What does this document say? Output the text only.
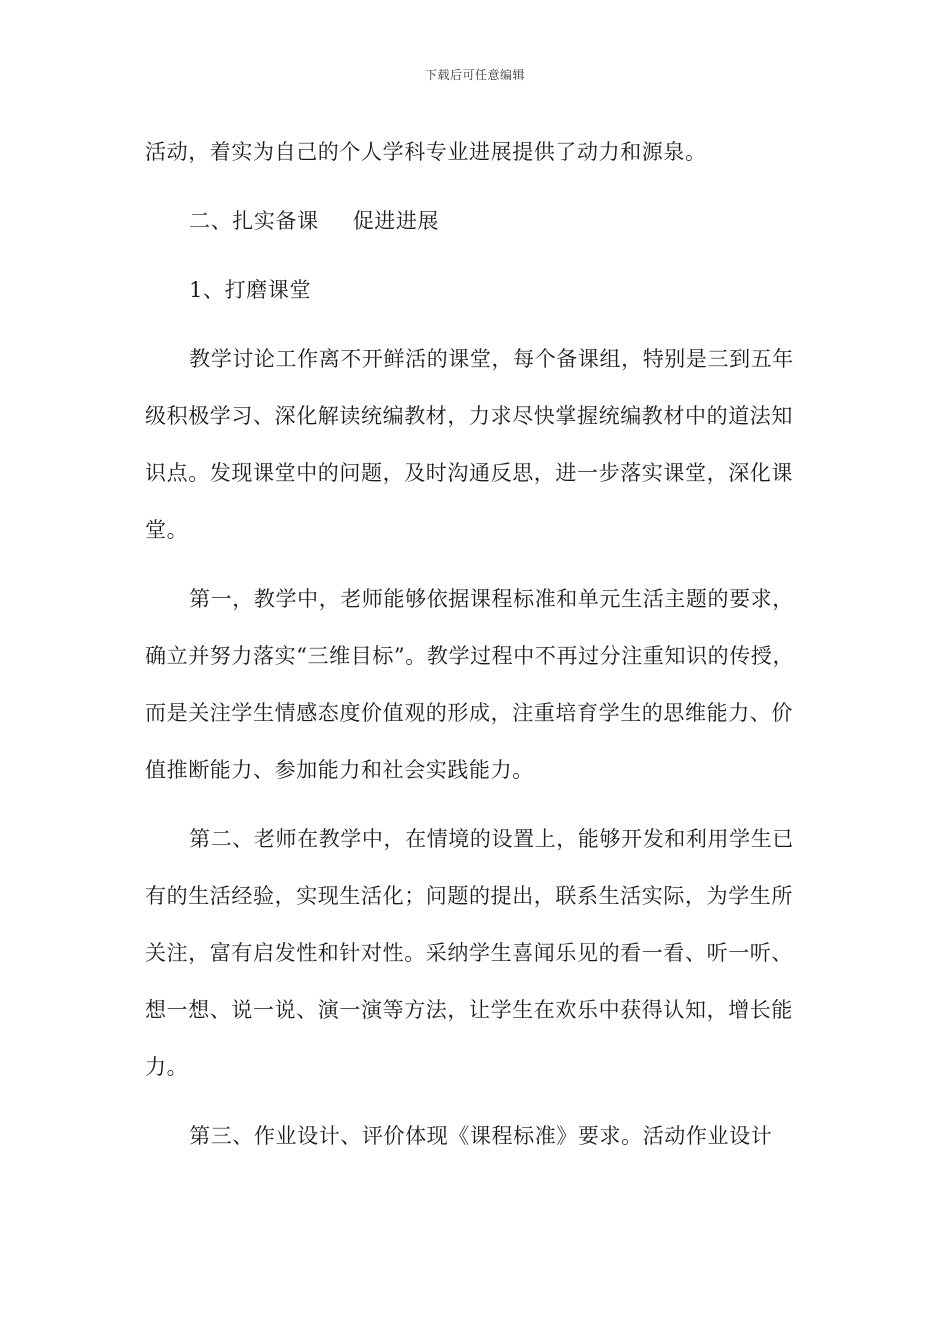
下载后可任意编辑

活动，着实为自己的个人学科专业进展提供了动力和源泉。

二、扎实备课 促进进展

1、打磨课堂

教学讨论工作离不开鲜活的课堂，每个备课组，特别是三到五年级积极学习、深化解读统编教材，力求尽快掌握统编教材中的道法知识点。发现课堂中的问题，及时沟通反思，进一步落实课堂，深化课堂。

第一，教学中，老师能够依据课程标准和单元生活主题的要求，确立并努力落实“三维目标”。教学过程中不再过分注重知识的传授，而是关注学生情感态度价值观的形成，注重培育学生的思维能力、价值推断能力、参加能力和社会实践能力。

第二、老师在教学中，在情境的设置上，能够开发和利用学生已有的生活经验，实现生活化；问题的提出，联系生活实际，为学生所关注，富有启发性和针对性。采纳学生喜闻乐见的看一看、听一听、想一想、说一说、演一演等方法，让学生在欢乐中获得认知，增长能力。

第三、作业设计、评价体现《课程标准》要求。活动作业设计
